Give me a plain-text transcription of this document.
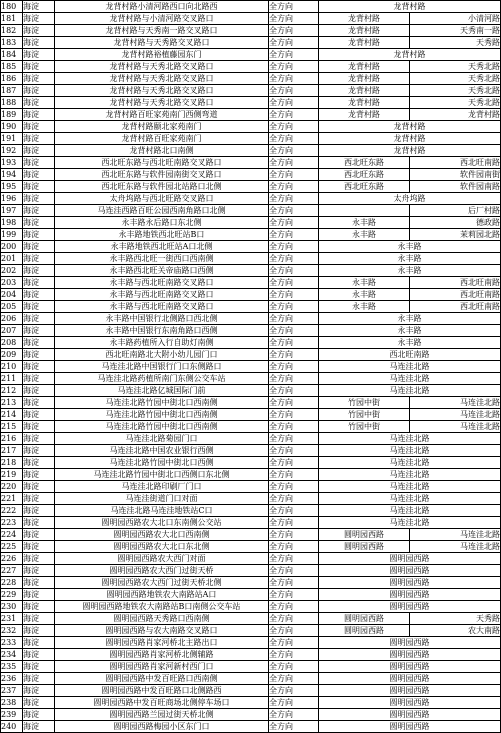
180	海淀	龙背村路小清河路西口向北路西	全方向	龙背村路	
181	海淀	龙背村路与小清河路交叉路口	全方向	龙背村路	小清河路
182	海淀	龙背村路与天秀南一路交叉路口	全方向	龙背村路	天秀南一路
183	海淀	龙背村路与天秀路交叉路口	全方向	龙背村路	天秀路
184	海淀	龙背村路裕植藤园东门	全方向	龙背村路	
185	海淀	龙背村路与天秀北路交叉路口	全方向	龙背村路	天秀北路
186	海淀	龙背村路与天秀北路交叉路口	全方向	龙背村路	天秀北路
187	海淀	龙背村路与天秀北路交叉路口	全方向	龙背村路	天秀北路
188	海淀	龙背村路与天秀北路交叉路口	全方向	龙背村路	天秀北路
189	海淀	龙背村路百旺家苑南门西侧弯道	全方向	龙背村路	龙背村路
190	海淀	龙背村路颐北家苑南门	全方向	龙背村路	
191	海淀	龙背村路百旺家苑南门	全方向	龙背村路	
192	海淀	龙背村路北口南侧	全方向	龙背村路	
193	海淀	西北旺东路与西北旺南路交叉路口	全方向	西北旺东路	西北旺南路
194	海淀	西北旺东路与软件园南街交叉路口	全方向	西北旺东路	软件园南街
195	海淀	西北旺东路与软件园北站路口北侧	全方向	西北旺东路	软件园南路
196	海淀	太舟坞路与西北旺路交叉路口	全方向	太舟坞路	
197	海淀	马连洼西路百旺公园西南角路口北侧	全方向		后厂村路
198	海淀	永丰路永后路口东北侧	全方向	永丰路	德政路
199	海淀	永丰路地铁西北旺站B口	全方向	永丰路	茉莉园北路
200	海淀	永丰路地铁西北旺站A口北侧	全方向	永丰路	
201	海淀	永丰路西北旺一街西口西南侧	全方向	永丰路	
202	海淀	永丰路西北旺关帝庙路口西侧	全方向	永丰路	
203	海淀	永丰路与西北旺南路交叉路口	全方向	永丰路	西北旺南路
204	海淀	永丰路与西北旺南路交叉路口	全方向	永丰路	西北旺南路
205	海淀	永丰路与西北旺南路交叉路口	全方向	永丰路	西北旺南路
206	海淀	永丰路中国银行北侧路口西北侧	全方向	永丰路	
207	海淀	永丰路中国银行东南角路口西侧	全方向	永丰路	
208	海淀	永丰路药植所入行自助灯南侧	全方向	永丰路	
209	海淀	西北旺南路北大附小幼儿园门口	全方向	西北旺南路	
210	海淀	马连洼北路中国银行门口东侧路口	全方向	马连洼北路	
211	海淀	马连洼北路药植所南门东侧公交车站	全方向	马连洼北路	
212	海淀	马连洼北路亿城国际门前	全方向	马连洼北路	
213	海淀	马连洼北路竹园中街北口西南侧	全方向	竹园中街	马连洼北路
214	海淀	马连洼北路竹园中街北口西南侧	全方向	竹园中街	马连洼北路
215	海淀	马连洼北路竹园中街北口西南侧	全方向	竹园中街	马连洼北路
216	海淀	马连洼北路菊园门口	全方向	马连洼北路	
217	海淀	马连洼北路中国农业银行西侧	全方向	马连洼北路	
218	海淀	马连洼北路竹园中街北口西侧	全方向	马连洼北路	
219	海淀	马连洼北路竹园中街北口西侧口东北侧	全方向	马连洼北路	
220	海淀	马连洼北路印刷厂门口	全方向	马连洼北路	
221	海淀	马连洼街道门口对面	全方向	马连洼北路	
222	海淀	马连洼北路马连洼地铁站C口	全方向	马连洼北路	
223	海淀	圆明园西路农大北口东南侧公交站	全方向	马连洼北路	
224	海淀	圆明园西路农大北口西南侧	全方向	圆明园西路	马连洼北路
225	海淀	圆明园西路农大北口东北侧	全方向	圆明园西路	马连洼北路
226	海淀	圆明园西路农大西门对面	全方向	圆明园西路	
227	海淀	圆明园西路农大西门过街天桥	全方向	圆明园西路	
228	海淀	圆明园西路农大西门过街天桥北侧	全方向	圆明园西路	
229	海淀	圆明园西路地铁农大南路站A口	全方向	圆明园西路	
230	海淀	圆明园西路地铁农大南路站B口南侧公交车站	全方向	圆明园西路	
231	海淀	圆明园西路天秀路口西南侧	全方向	圆明园西路	天秀路
232	海淀	圆明园西路与农大南路交叉路口	全方向	圆明园西路	农大南路
233	海淀	圆明园西路肖家河桥北主路出口	全方向	圆明园西路	
234	海淀	圆明园西路肖家河桥北侧辅路	全方向	圆明园西路	
235	海淀	圆明园西路肖家河新村西门口	全方向	圆明园西路	
236	海淀	圆明园西路中发百旺路口西南侧	全方向	圆明园西路	
237	海淀	圆明园西路中发百旺路口北侧路西	全方向	圆明园西路	
238	海淀	圆明园西路中发百旺商场北侧停车场口	全方向	圆明园西路	
239	海淀	圆明园西路兰园过街天桥北侧	全方向	圆明园西路	
240	海淀	圆明园西路梅园小区东门口	全方向	圆明园西路	
